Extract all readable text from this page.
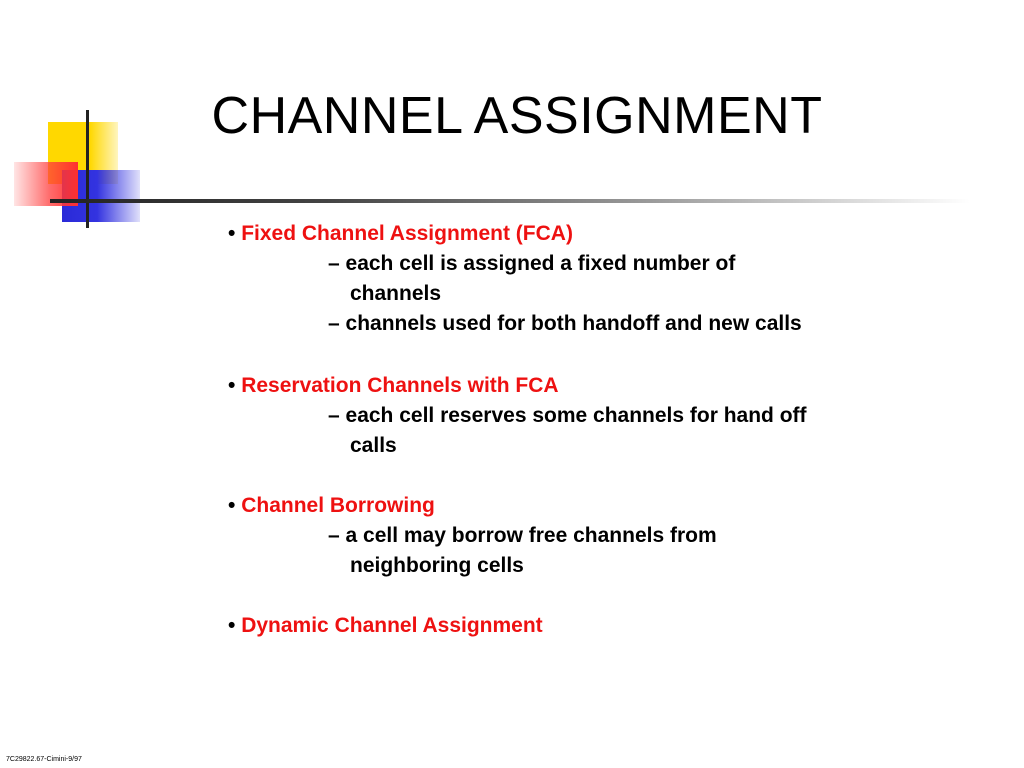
CHANNEL ASSIGNMENT

• Fixed Channel Assignment (FCA)

– each cell is assigned a fixed number of channels

– channels used for both handoff and new calls

• Reservation Channels with FCA

– each cell reserves some channels for hand off calls

• Channel Borrowing

– a cell may borrow free channels from neighboring cells

• Dynamic Channel Assignment

7C29822.67-Cimini-9/97
